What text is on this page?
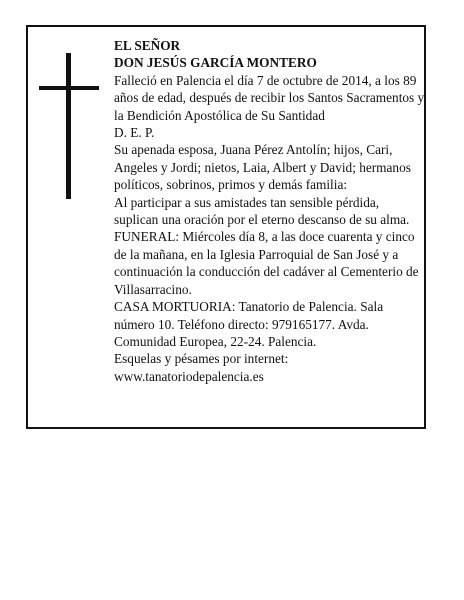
EL SEÑOR

DON JESÚS GARCÍA MONTERO

Falleció en Palencia el día 7 de octubre de 2014, a los 89 años de edad, después de recibir los Santos Sacramentos y la Bendición Apostólica de Su Santidad

D. E. P.

Su apenada esposa, Juana Pérez Antolín; hijos, Cari, Angeles y Jordi; nietos, Laia, Albert y David; hermanos políticos, sobrinos, primos y demás familia:

Al participar a sus amistades tan sensible pérdida, suplican una oración por el eterno descanso de su alma.

FUNERAL: Miércoles día 8, a las doce cuarenta y cinco de la mañana, en la Iglesia Parroquial de San José y a continuación la conducción del cadáver al Cementerio de Villasarracino.

CASA MORTUORIA: Tanatorio de Palencia. Sala número 10. Teléfono directo: 979165177. Avda. Comunidad Europea, 22-24. Palencia.

Esquelas y pésames por internet:

www.tanatoriodepalencia.es
